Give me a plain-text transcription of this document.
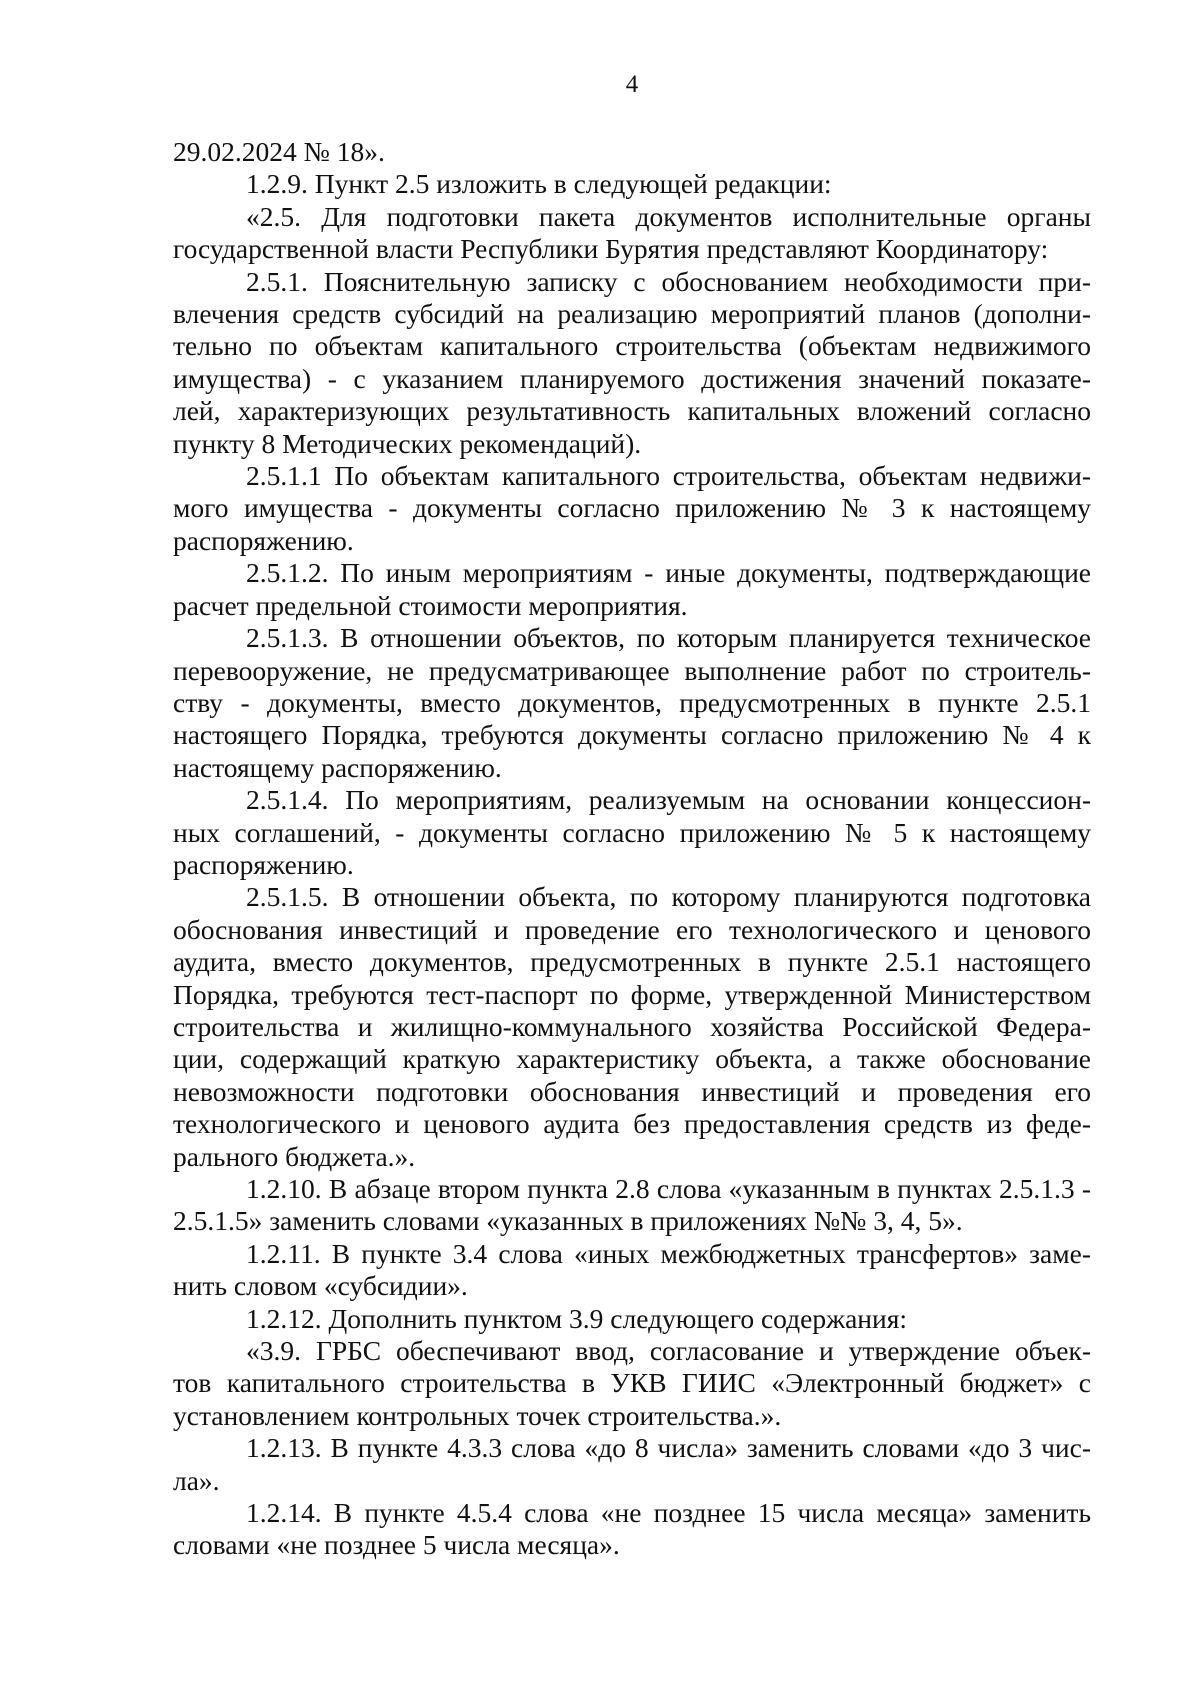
4
29.02.2024 № 18».
1.2.9. Пункт 2.5 изложить в следующей редакции:
«2.5. Для подготовки пакета документов исполнительные органы
государственной власти Республики Бурятия представляют Координатору:
2.5.1. Пояснительную записку с обоснованием необходимости при-
влечения средств субсидий на реализацию мероприятий планов (дополни-
тельно по объектам капитального строительства (объектам недвижимого
имущества) - с указанием планируемого достижения значений показате-
лей, характеризующих результативность капитальных вложений согласно
пункту 8 Методических рекомендаций).
2.5.1.1 По объектам капитального строительства, объектам недвижи-
мого имущества - документы согласно приложению № 3 к настоящему
распоряжению.
2.5.1.2. По иным мероприятиям - иные документы, подтверждающие
расчет предельной стоимости мероприятия.
2.5.1.3. В отношении объектов, по которым планируется техническое
перевооружение, не предусматривающее выполнение работ по строитель-
ству - документы, вместо документов, предусмотренных в пункте 2.5.1
настоящего Порядка, требуются документы согласно приложению № 4 к
настоящему распоряжению.
2.5.1.4. По мероприятиям, реализуемым на основании концессион-
ных соглашений, - документы согласно приложению № 5 к настоящему
распоряжению.
2.5.1.5. В отношении объекта, по которому планируются подготовка
обоснования инвестиций и проведение его технологического и ценового
аудита, вместо документов, предусмотренных в пункте 2.5.1 настоящего
Порядка, требуются тест-паспорт по форме, утвержденной Министерством
строительства и жилищно-коммунального хозяйства Российской Федера-
ции, содержащий краткую характеристику объекта, а также обоснование
невозможности подготовки обоснования инвестиций и проведения его
технологического и ценового аудита без предоставления средств из феде-
рального бюджета.».
1.2.10. В абзаце втором пункта 2.8 слова «указанным в пунктах 2.5.1.3 -
2.5.1.5» заменить словами «указанных в приложениях №№ 3, 4, 5».
1.2.11. В пункте 3.4 слова «иных межбюджетных трансфертов» заме-
нить словом «субсидии».
1.2.12. Дополнить пунктом 3.9 следующего содержания:
«3.9. ГРБС обеспечивают ввод, согласование и утверждение объек-
тов капитального строительства в УКВ ГИИС «Электронный бюджет» с
установлением контрольных точек строительства.».
1.2.13. В пункте 4.3.3 слова «до 8 числа» заменить словами «до 3 чис-
ла».
1.2.14. В пункте 4.5.4 слова «не позднее 15 числа месяца» заменить
словами «не позднее 5 числа месяца».
